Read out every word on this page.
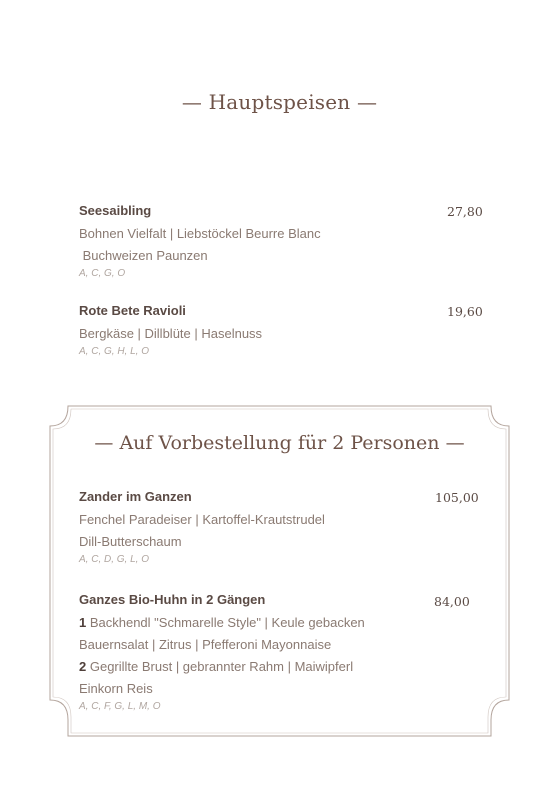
— Hauptspeisen —
Seesaibling
Bohnen Vielfalt | Liebstöckel Beurre Blanc
Buchweizen Paunzen
A, C, G, O
27,80
Rote Bete Ravioli
Bergkäse | Dillblüte | Haselnuss
A, C, G, H, L, O
19,60
— Auf Vorbestellung für 2 Personen —
Zander im Ganzen
Fenchel Paradeiser | Kartoffel-Krautstrudel
Dill-Butterschaum
A, C, D, G, L, O
105,00
Ganzes Bio-Huhn in 2 Gängen
1 Backhendl "Schmarelle Style" | Keule gebacken
Bauernsalat | Zitrus | Pfefferoni Mayonnaise
2 Gegrillte Brust | gebrannter Rahm | Maiwipferl
Einkorn Reis
A, C, F, G, L, M, O
84,00
